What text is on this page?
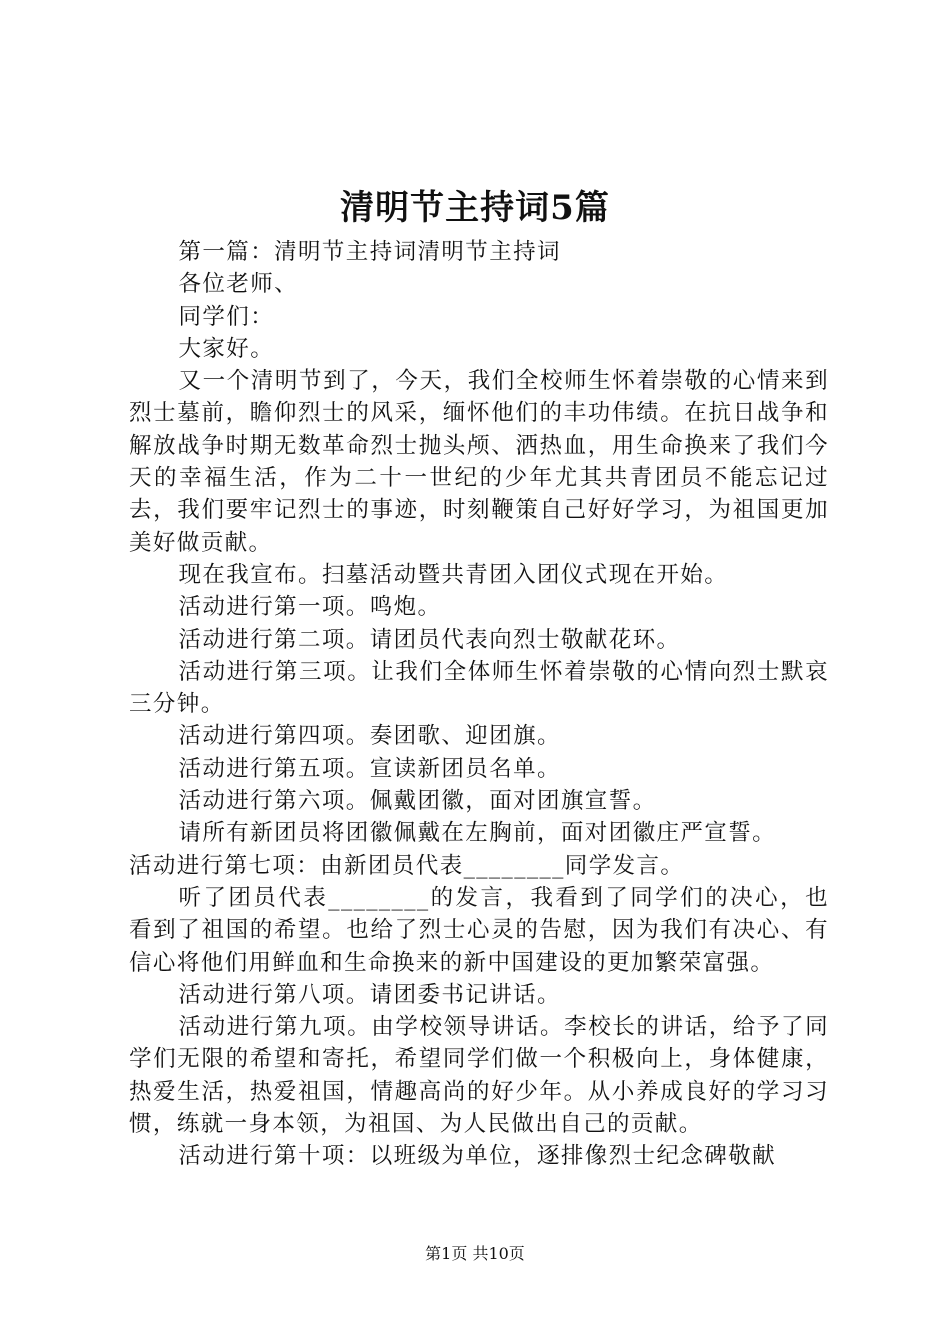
清明节主持词5篇

第一篇：清明节主持词清明节主持词

各位老师、

同学们：

大家好。

又一个清明节到了，今天，我们全校师生怀着崇敬的心情来到烈士墓前，瞻仰烈士的风采，缅怀他们的丰功伟绩。在抗日战争和解放战争时期无数革命烈士抛头颅、洒热血，用生命换来了我们今天的幸福生活，作为二十一世纪的少年尤其共青团员不能忘记过去，我们要牢记烈士的事迹，时刻鞭策自己好好学习，为祖国更加美好做贡献。

现在我宣布。扫墓活动暨共青团入团仪式现在开始。

活动进行第一项。鸣炮。

活动进行第二项。请团员代表向烈士敬献花环。

活动进行第三项。让我们全体师生怀着崇敬的心情向烈士默哀三分钟。

活动进行第四项。奏团歌、迎团旗。

活动进行第五项。宣读新团员名单。

活动进行第六项。佩戴团徽，面对团旗宣誓。

请所有新团员将团徽佩戴在左胸前，面对团徽庄严宣誓。

活动进行第七项：由新团员代表________同学发言。

听了团员代表________的发言，我看到了同学们的决心，也看到了祖国的希望。也给了烈士心灵的告慰，因为我们有决心、有信心将他们用鲜血和生命换来的新中国建设的更加繁荣富强。

活动进行第八项。请团委书记讲话。

活动进行第九项。由学校领导讲话。李校长的讲话，给予了同学们无限的希望和寄托，希望同学们做一个积极向上，身体健康，热爱生活，热爱祖国，情趣高尚的好少年。从小养成良好的学习习惯，练就一身本领，为祖国、为人民做出自己的贡献。

活动进行第十项：以班级为单位，逐排像烈士纪念碑敬献

第1页 共10页
